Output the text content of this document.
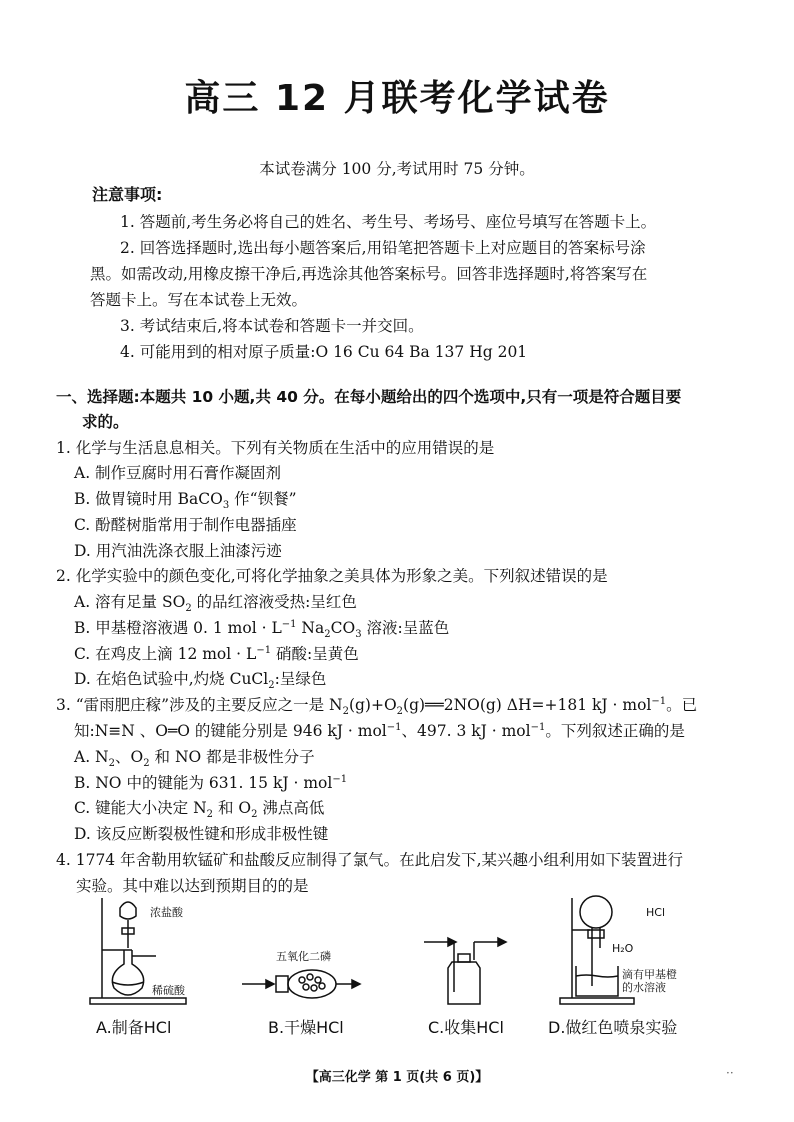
高三 12 月联考化学试卷
本试卷满分 100 分,考试用时 75 分钟。
注意事项:
1. 答题前,考生务必将自己的姓名、考生号、考场号、座位号填写在答题卡上。
2. 回答选择题时,选出每小题答案后,用铅笔把答题卡上对应题目的答案标号涂
黑。如需改动,用橡皮擦干净后,再选涂其他答案标号。回答非选择题时,将答案写在
答题卡上。写在本试卷上无效。
3. 考试结束后,将本试卷和答题卡一并交回。
4. 可能用到的相对原子质量:O 16 Cu 64 Ba 137 Hg 201
一、选择题:本题共 10 小题,共 40 分。在每小题给出的四个选项中,只有一项是符合题目要
求的。
1. 化学与生活息息相关。下列有关物质在生活中的应用错误的是
A. 制作豆腐时用石膏作凝固剂
B. 做胃镜时用 BaCO$_3$ 作“钡餐”
C. 酚醛树脂常用于制作电器插座
D. 用汽油洗涤衣服上油漆污迹
2. 化学实验中的颜色变化,可将化学抽象之美具体为形象之美。下列叙述错误的是
A. 溶有足量 $SO_2$ 的品红溶液受热:呈红色
B. 甲基橙溶液遇 0. 1 mol · $L^{-1}$ $Na_2CO_3$ 溶液:呈蓝色
C. 在鸡皮上滴 12 mol · $L^{-1}$ 硝酸:呈黄色
D. 在焰色试验中,灼烧 CuCl$_2$:呈绿色
3. “雷雨肥庄稼”涉及的主要反应之一是 $N_2(g)+O_2(g)══2NO(g)$ ΔH=+181 kJ · mol$^{-1}$。已
知:N≡N 、O═O 的键能分别是 946 kJ · mol$^{-1}$、497. 3 kJ · mol$^{-1}$。下列叙述正确的是
A. $N_2$、$O_2$ 和 NO 都是非极性分子
B. NO 中的键能为 631. 15 kJ · mol$^{-1}$
C. 键能大小决定 $N_2$ 和 $O_2$ 沸点高低
D. 该反应断裂极性键和形成非极性键
4. 1774 年舍勒用软锰矿和盐酸反应制得了氯气。在此启发下,某兴趣小组利用如下装置进行
实验。其中难以达到预期目的的是
浓盐酸
稀硫酸
A.制备HCl
五氧化二磷
B.干燥HCl	C.收集HCl
HCl
H₂O
滴有甲基橙
的水溶液
D.做红色喷泉实验
【高三化学 第 1 页(共 6 页)】	··
